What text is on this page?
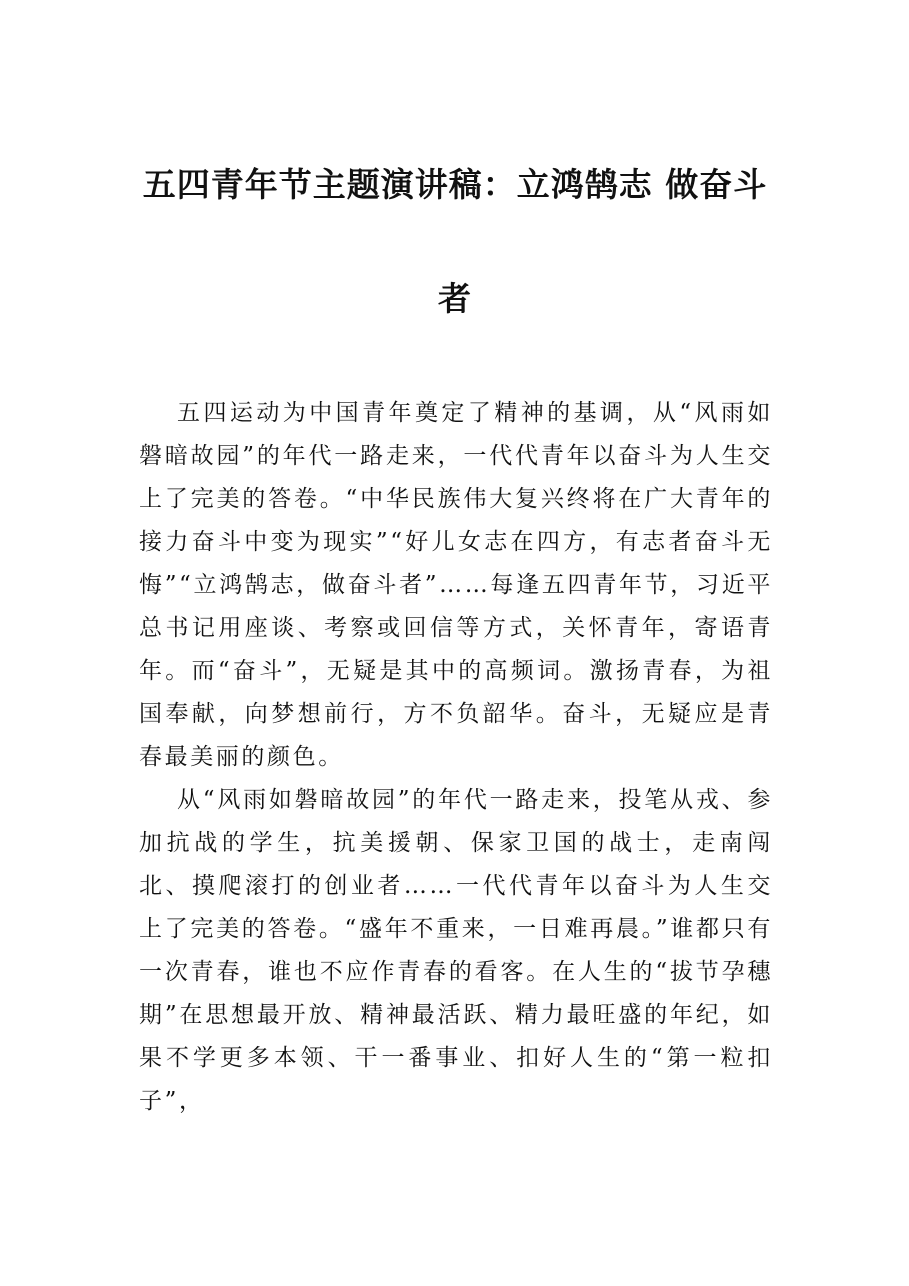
五四青年节主题演讲稿：立鸿鹄志 做奋斗者

五四运动为中国青年奠定了精神的基调，从“风雨如磐暗故园”的年代一路走来，一代代青年以奋斗为人生交上了完美的答卷。“中华民族伟大复兴终将在广大青年的接力奋斗中变为现实”“好儿女志在四方，有志者奋斗无悔”“立鸿鹄志，做奋斗者”……每逢五四青年节，习近平总书记用座谈、考察或回信等方式，关怀青年，寄语青年。而“奋斗”，无疑是其中的高频词。激扬青春，为祖国奉献，向梦想前行，方不负韶华。奋斗，无疑应是青春最美丽的颜色。

从“风雨如磐暗故园”的年代一路走来，投笔从戎、参加抗战的学生，抗美援朝、保家卫国的战士，走南闯北、摸爬滚打的创业者……一代代青年以奋斗为人生交上了完美的答卷。“盛年不重来，一日难再晨。”谁都只有一次青春，谁也不应作青春的看客。在人生的“拔节孕穗期”在思想最开放、精神最活跃、精力最旺盛的年纪，如果不学更多本领、干一番事业、扣好人生的“第一粒扣子”，
